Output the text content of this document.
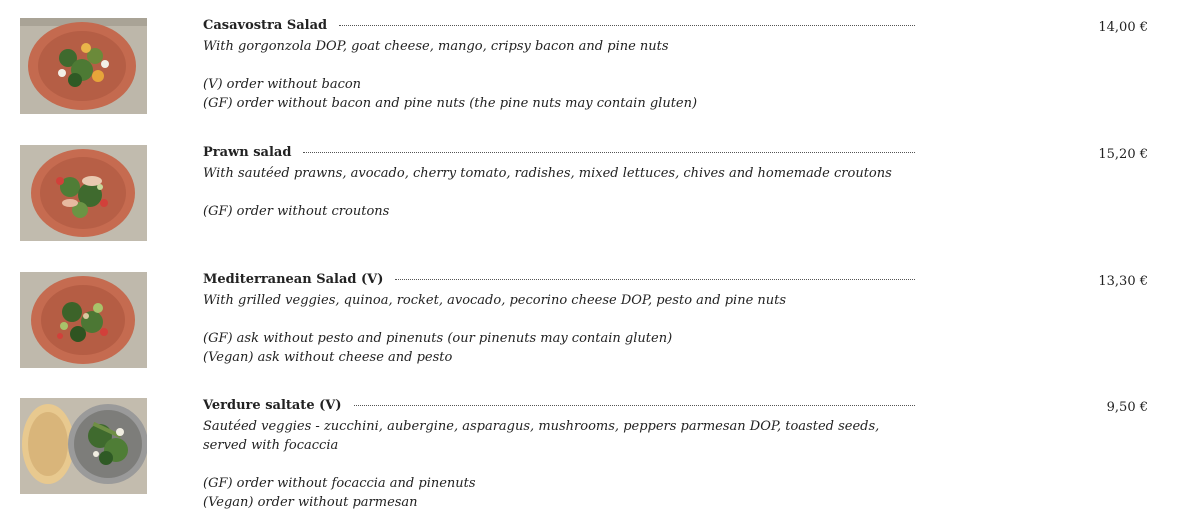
Casavostra Salad
With gorgonzola DOP, goat cheese, mango, cripsy bacon and pine nuts
(V) order without bacon
(GF) order without bacon and pine nuts (the pine nuts may contain gluten)
14,00 €
Prawn salad
With sautéed prawns, avocado, cherry tomato, radishes, mixed lettuces, chives and homemade croutons
(GF) order without croutons
15,20 €
Mediterranean Salad (V)
With grilled veggies, quinoa, rocket, avocado, pecorino cheese DOP, pesto and pine nuts
(GF) ask without pesto and pinenuts (our pinenuts may contain gluten)
(Vegan) ask without cheese and pesto
13,30 €
Verdure saltate (V)
Sautéed veggies - zucchini, aubergine, asparagus, mushrooms, peppers parmesan DOP, toasted seeds, served with focaccia
(GF) order without focaccia and pinenuts
(Vegan) order without parmesan
9,50 €
